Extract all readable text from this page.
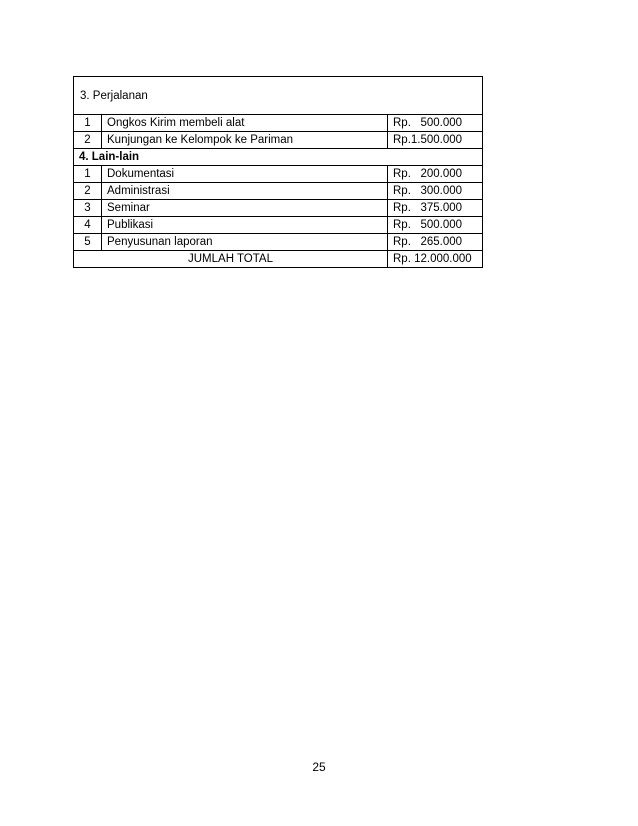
3. Perjalanan		
1	Ongkos Kirim membeli alat	Rp.   500.000
2	Kunjungan ke Kelompok ke Pariman	Rp.1.500.000
4. Lain-lain		
1	Dokumentasi	Rp.   200.000
2	Administrasi	Rp.   300.000
3	Seminar	Rp.   375.000
4	Publikasi	Rp.   500.000
5	Penyusunan laporan	Rp.   265.000
JUMLAH TOTAL		Rp. 12.000.000
25
